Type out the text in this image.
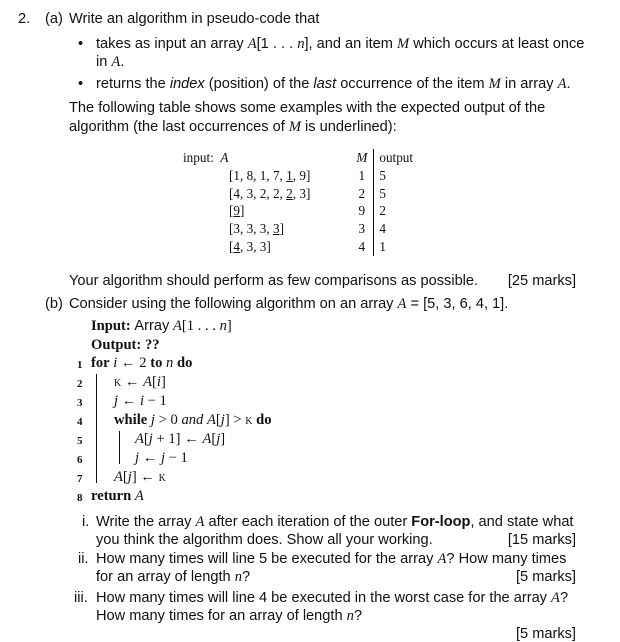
2. (a) Write an algorithm in pseudo-code that
• takes as input an array A[1 . . . n], and an item M which occurs at least once
in A.
• returns the index (position) of the last occurrence of the item M in array A.
The following table shows some examples with the expected output of the
algorithm (the last occurrences of M is underlined):
input: A	M	output
[1, 8, 1, 7, 1, 9]	1	5
[4, 3, 2, 2, 2, 3]	2	5
[9]	9	2
[3, 3, 3, 3]	3	4
[4, 3, 3]	4	1
Your algorithm should perform as few comparisons as possible. [25 marks]
(b) Consider using the following algorithm on an array A = [5, 3, 6, 4, 1].
Input: Array A[1 . . . n]
Output: ??
1 for i ← 2 to n do
2 k ← A[i]
3 j ← i − 1
4 while j > 0 and A[j] > k do
5	A[j + 1] ← A[j]
6	j ← j − 1
7 A[j] ← k
8 return A
i. Write the array A after each iteration of the outer For-loop, and state what
you think the algorithm does. Show all your working.	[15 marks]
ii. How many times will line 5 be executed for the array A? How many times
for an array of length n?	[5 marks]
iii. How many times will line 4 be executed in the worst case for the array A?
How many times for an array of length n?
[5 marks]
